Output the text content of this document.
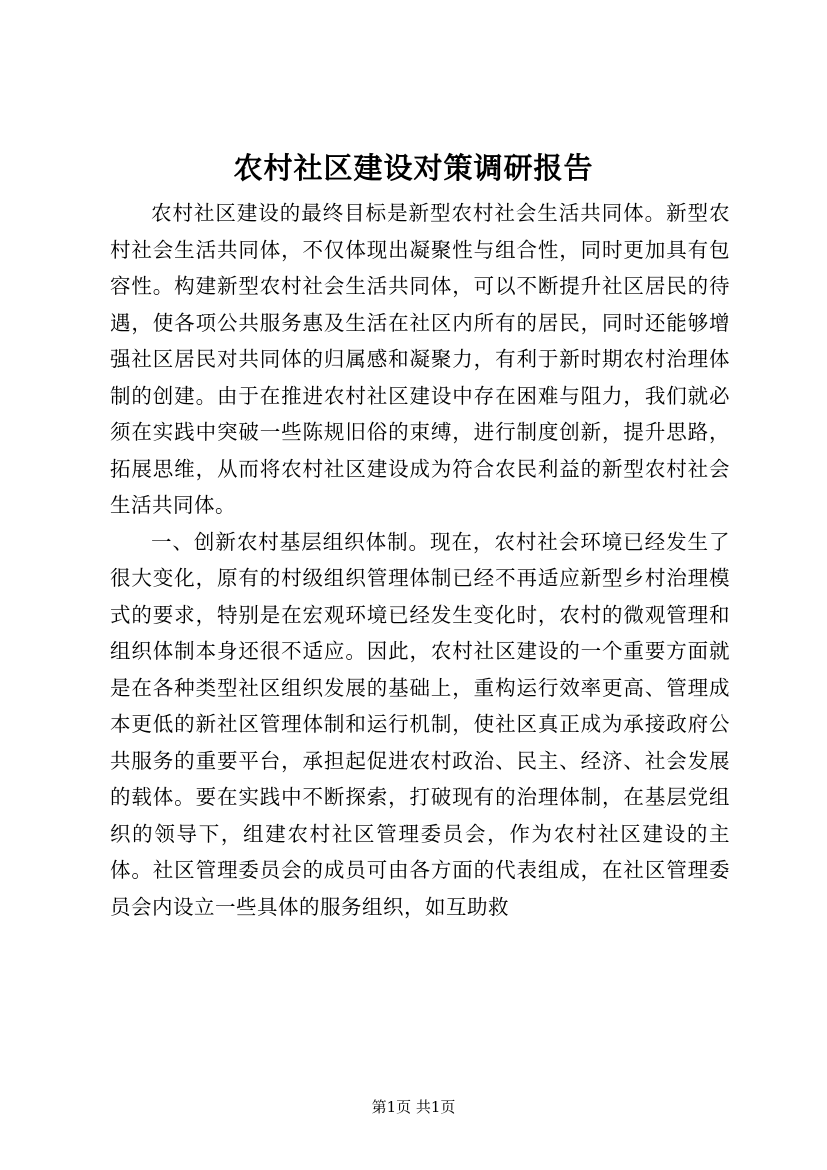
农村社区建设对策调研报告

农村社区建设的最终目标是新型农村社会生活共同体。新型农村社会生活共同体，不仅体现出凝聚性与组合性，同时更加具有包容性。构建新型农村社会生活共同体，可以不断提升社区居民的待遇，使各项公共服务惠及生活在社区内所有的居民，同时还能够增强社区居民对共同体的归属感和凝聚力，有利于新时期农村治理体制的创建。由于在推进农村社区建设中存在困难与阻力，我们就必须在实践中突破一些陈规旧俗的束缚，进行制度创新，提升思路，拓展思维，从而将农村社区建设成为符合农民利益的新型农村社会生活共同体。

一、创新农村基层组织体制。现在，农村社会环境已经发生了很大变化，原有的村级组织管理体制已经不再适应新型乡村治理模式的要求，特别是在宏观环境已经发生变化时，农村的微观管理和组织体制本身还很不适应。因此，农村社区建设的一个重要方面就是在各种类型社区组织发展的基础上，重构运行效率更高、管理成本更低的新社区管理体制和运行机制，使社区真正成为承接政府公共服务的重要平台，承担起促进农村政治、民主、经济、社会发展的载体。要在实践中不断探索，打破现有的治理体制，在基层党组织的领导下，组建农村社区管理委员会，作为农村社区建设的主体。社区管理委员会的成员可由各方面的代表组成，在社区管理委员会内设立一些具体的服务组织，如互助救

第1页 共1页
